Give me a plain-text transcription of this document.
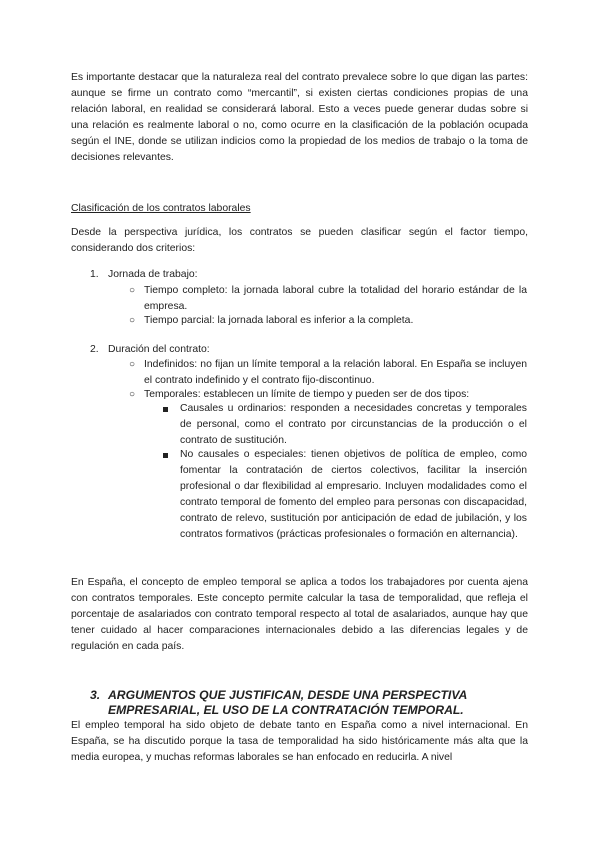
Es importante destacar que la naturaleza real del contrato prevalece sobre lo que digan las partes: aunque se firme un contrato como “mercantil”, si existen ciertas condiciones propias de una relación laboral, en realidad se considerará laboral. Esto a veces puede generar dudas sobre si una relación es realmente laboral o no, como ocurre en la clasificación de la población ocupada según el INE, donde se utilizan indicios como la propiedad de los medios de trabajo o la toma de decisiones relevantes.

Clasificación de los contratos laborales

Desde la perspectiva jurídica, los contratos se pueden clasificar según el factor tiempo, considerando dos criterios:

1. Jornada de trabajo:
○ Tiempo completo: la jornada laboral cubre la totalidad del horario estándar de la empresa.

○ Tiempo parcial: la jornada laboral es inferior a la completa.

2. Duración del contrato:
○ Indefinidos: no fijan un límite temporal a la relación laboral. En España se incluyen el contrato indefinido y el contrato fijo-discontinuo.

○ Temporales: establecen un límite de tiempo y pueden ser de dos tipos:

Causales u ordinarios: responden a necesidades concretas y temporales de personal, como el contrato por circunstancias de la producción o el contrato de sustitución.

No causales o especiales: tienen objetivos de política de empleo, como fomentar la contratación de ciertos colectivos, facilitar la inserción profesional o dar flexibilidad al empresario. Incluyen modalidades como el contrato temporal de fomento del empleo para personas con discapacidad, contrato de relevo, sustitución por anticipación de edad de jubilación, y los contratos formativos (prácticas profesionales o formación en alternancia).

En España, el concepto de empleo temporal se aplica a todos los trabajadores por cuenta ajena con contratos temporales. Este concepto permite calcular la tasa de temporalidad, que refleja el porcentaje de asalariados con contrato temporal respecto al total de asalariados, aunque hay que tener cuidado al hacer comparaciones internacionales debido a las diferencias legales y de regulación en cada país.

3. ARGUMENTOS QUE JUSTIFICAN, DESDE UNA PERSPECTIVA EMPRESARIAL, EL USO DE LA CONTRATACIÓN TEMPORAL.

El empleo temporal ha sido objeto de debate tanto en España como a nivel internacional. En España, se ha discutido porque la tasa de temporalidad ha sido históricamente más alta que la media europea, y muchas reformas laborales se han enfocado en reducirla. A nivel
